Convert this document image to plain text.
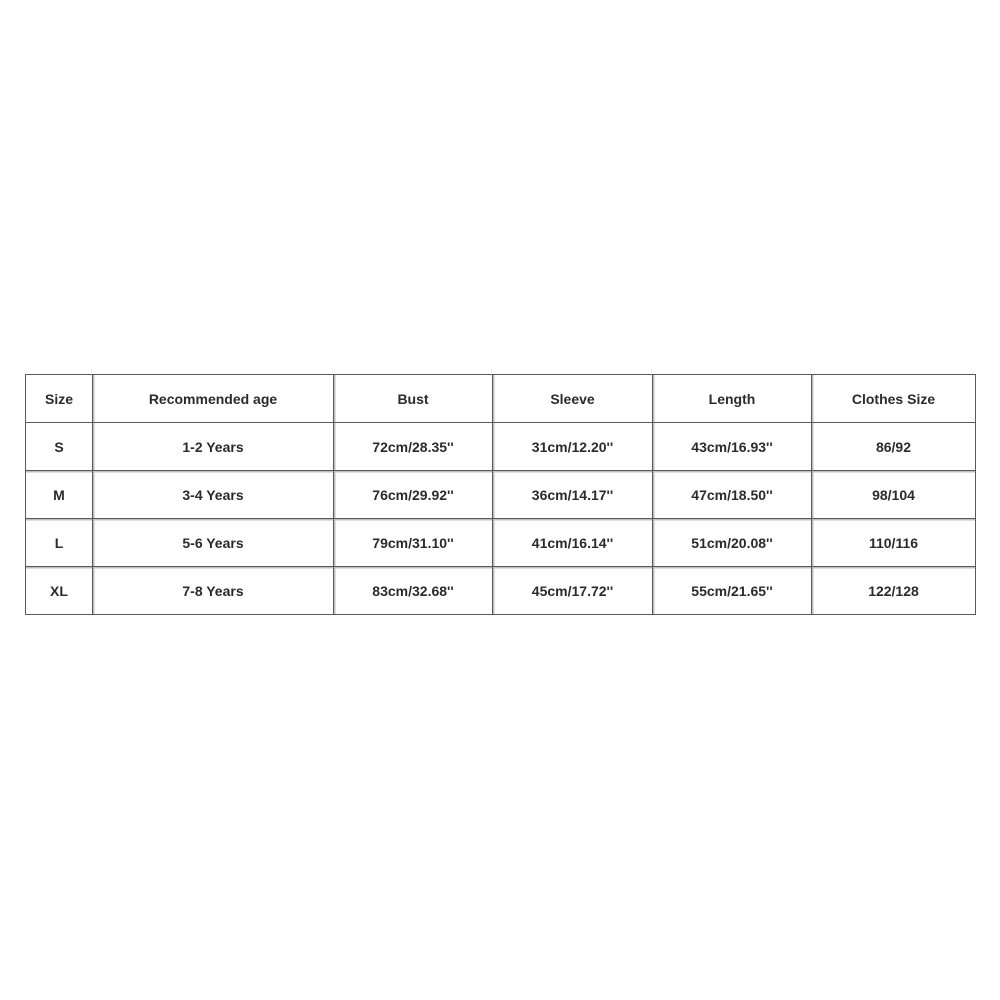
Size	Recommended age	Bust	Sleeve	Length	Clothes Size
S	1-2 Years	72cm/28.35''	31cm/12.20''	43cm/16.93''	86/92
M	3-4 Years	76cm/29.92''	36cm/14.17''	47cm/18.50''	98/104
L	5-6 Years	79cm/31.10''	41cm/16.14''	51cm/20.08''	110/116
XL	7-8 Years	83cm/32.68''	45cm/17.72''	55cm/21.65''	122/128
